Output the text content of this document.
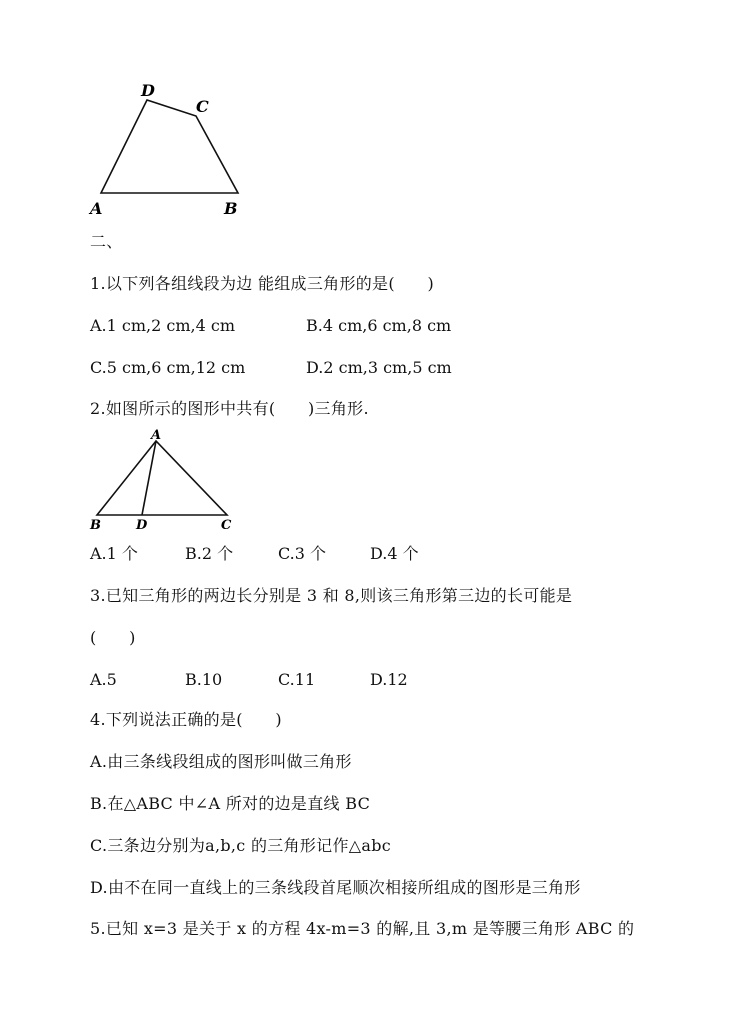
D
C
A	B
二、
1.以下列各组线段为边 能组成三角形的是(　　)
A.1 cm,2 cm,4 cm	B.4 cm,6 cm,8 cm
C.5 cm,6 cm,12 cm	D.2 cm,3 cm,5 cm
2.如图所示的图形中共有(　　)三角形.
A
B	D	C
A.1 个	B.2 个	C.3 个	D.4 个
3.已知三角形的两边长分别是 3 和 8,则该三角形第三边的长可能是
(　　)
A.5	B.10	C.11	D.12
4.下列说法正确的是(　　)
A.由三条线段组成的图形叫做三角形
B.在△ABC 中∠A 所对的边是直线 BC
C.三条边分别为a,b,c 的三角形记作△abc
D.由不在同一直线上的三条线段首尾顺次相接所组成的图形是三角形
5.已知 x=3 是关于 x 的方程 4x-m=3 的解,且 3,m 是等腰三角形 ABC 的
